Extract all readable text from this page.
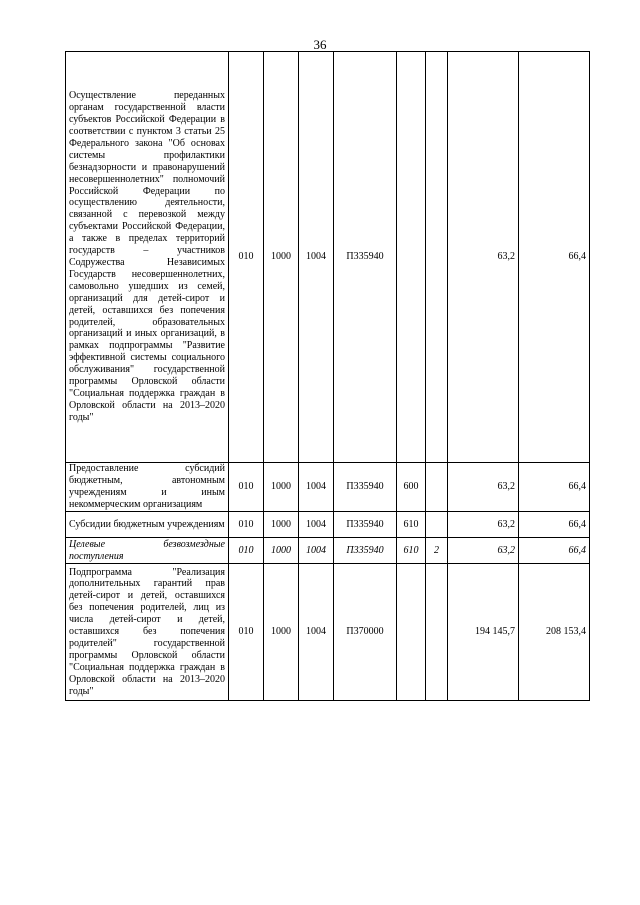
36
Осуществление переданных органам государственной власти субъектов Российской Федерации в соответствии с пунктом 3 статьи 25 Федерального закона "Об основах системы профилактики безнадзорности и правонарушений несовершеннолетних" полномочий Российской Федерации по осуществлению деятельности, связанной с перевозкой между субъектами Российской Федерации, а также в пределах территорий государств – участников Содружества Независимых Государств несовершеннолетних, самовольно ушедших из семей, организаций для детей-сирот и детей, оставшихся без попечения родителей, образовательных организаций и иных организаций, в рамках подпрограммы "Развитие эффективной системы социального обслуживания" государственной программы Орловской области "Социальная поддержка граждан в Орловской области на 2013–2020 годы"	010	1000	1004	П335940			63,2	66,4
Предоставление субсидий бюджетным, автономным учреждениям и иным некоммерческим организациям	010	1000	1004	П335940	600		63,2	66,4
Субсидии бюджетным учреждениям	010	1000	1004	П335940	610		63,2	66,4
Целевые безвозмездные поступления	010	1000	1004	П335940	610	2	63,2	66,4
Подпрограмма "Реализация дополнительных гарантий прав детей-сирот и детей, оставшихся без попечения родителей, лиц из числа детей-сирот и детей, оставшихся без попечения родителей" государственной программы Орловской области "Социальная поддержка граждан в Орловской области на 2013–2020 годы"	010	1000	1004	П370000			194 145,7	208 153,4
